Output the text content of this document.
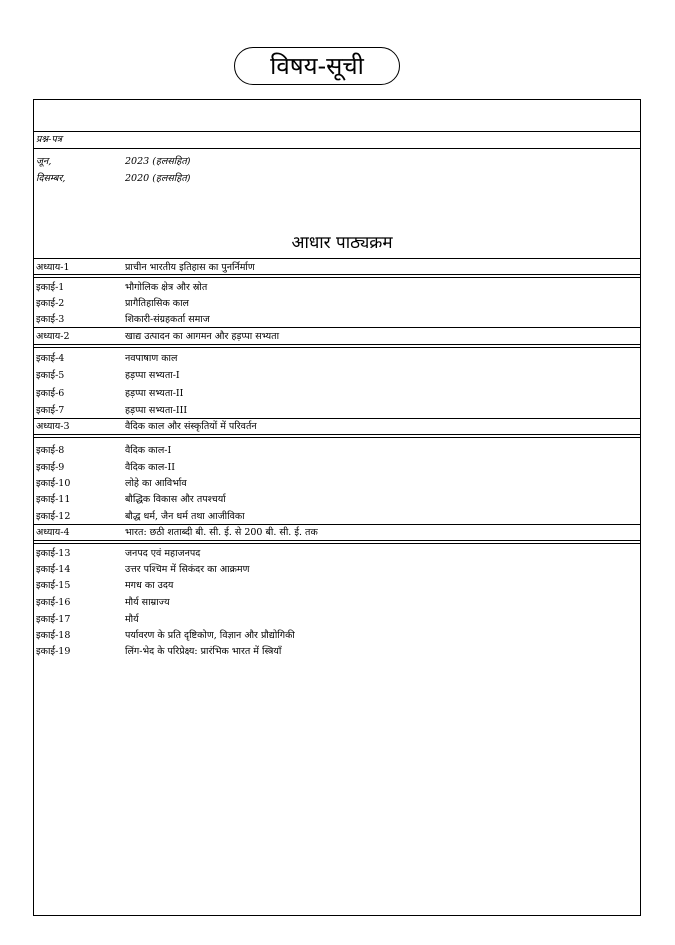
विषय-सूची
प्रश्न-पत्र
जून,	2023 (हलसहित)
दिसम्बर,	2020 (हलसहित)
आधार पाठ्यक्रम
अध्याय-1	प्राचीन भारतीय इतिहास का पुनर्निर्माण
इकाई-1	भौगोलिक क्षेत्र और स्रोत
इकाई-2	प्रागैतिहासिक काल
इकाई-3	शिकारी-संग्रहकर्ता समाज
अध्याय-2	खाद्य उत्पादन का आगमन और हड़प्पा सभ्यता
इकाई-4	नवपाषाण काल
इकाई-5	हड़प्पा सभ्यता-I
इकाई-6	हड़प्पा सभ्यता-II
इकाई-7	हड़प्पा सभ्यता-III
अध्याय-3	वैदिक काल और संस्कृतियों में परिवर्तन
इकाई-8	वैदिक काल-I
इकाई-9	वैदिक काल-II
इकाई-10	लोहे का आविर्भाव
इकाई-11	बौद्धिक विकास और तपश्चर्या
इकाई-12	बौद्ध धर्म, जैन धर्म तथा आजीविका
अध्याय-4	भारत: छठी शताब्दी बी. सी. ई. से 200 बी. सी. ई. तक
इकाई-13	जनपद एवं महाजनपद
इकाई-14	उत्तर पश्चिम में सिकंदर का आक्रमण
इकाई-15	मगध का उदय
इकाई-16	मौर्य साम्राज्य
इकाई-17	मौर्य
इकाई-18	पर्यावरण के प्रति दृष्टिकोण, विज्ञान और प्रौद्योगिकी
इकाई-19	लिंग-भेद के परिप्रेक्ष्य: प्रारंभिक भारत में स्त्रियाँ
